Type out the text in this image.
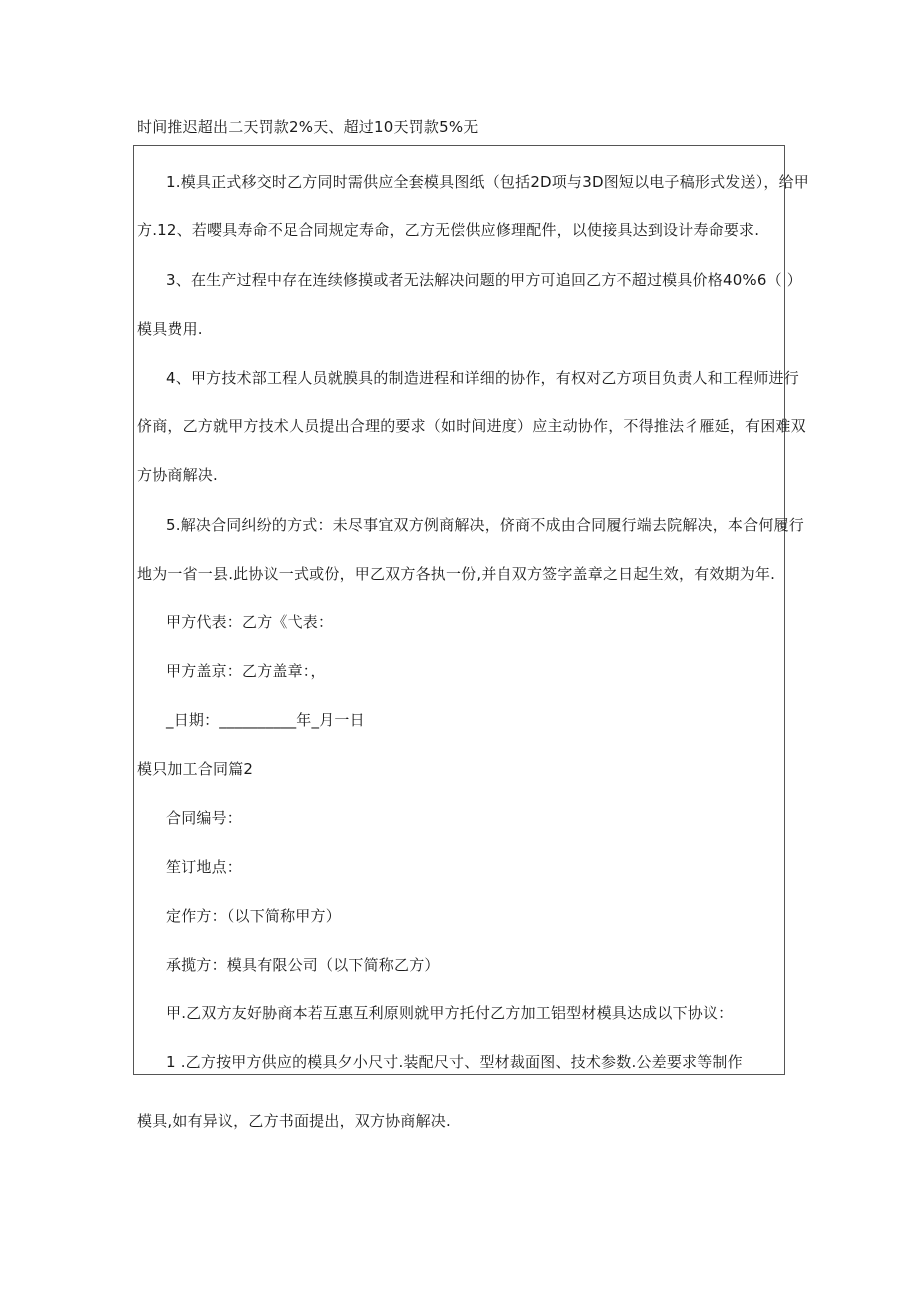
时间推迟超出二天罚款2%天、超过10天罚款5%无
1.模具正式移交时乙方同时需供应全套模具图纸（包括2D项与3D图短以电子稿形式发送），给甲
方.12、若嘤具寿命不足合同规定寿命，乙方无偿供应修理配件，以使接具达到设计寿命要求.
3、在生产过程中存在连续修摸或者无法解决问题的甲方可追回乙方不超过模具价格40%6（ ）
模具费用.
4、甲方技术部工程人员就膜具的制造进程和详细的协作，有权对乙方项目负责人和工程师进行
侪商，乙方就甲方技术人员提出合理的要求（如时间进度）应主动协作，不得推法彳雁延，有困难双
方协商解决.
5.解决合同纠纷的方式：未尽事宜双方例商解决，侪商不成由合同履行端去院解决，本合何履行
地为一省一县.此协议一式或份，甲乙双方各执一份,并自双方签字盖章之日起生效，有效期为年.
甲方代表：乙方《弋表：
甲方盖京：乙方盖章：，
_日期：__________年_月一日
模只加工合同篇2
合同编号：
笙订地点：
定作方：（以下简称甲方）
承揽方：模具有限公司（以下简称乙方）
甲.乙双方友好胁商本若互惠互利原则就甲方托付乙方加工铝型材模具达成以下协议：
1 .乙方按甲方供应的模具夕小尺寸.装配尺寸、型材裁面图、技术参数.公差要求等制作
模具,如有异议，乙方书面提出，双方协商解决.
